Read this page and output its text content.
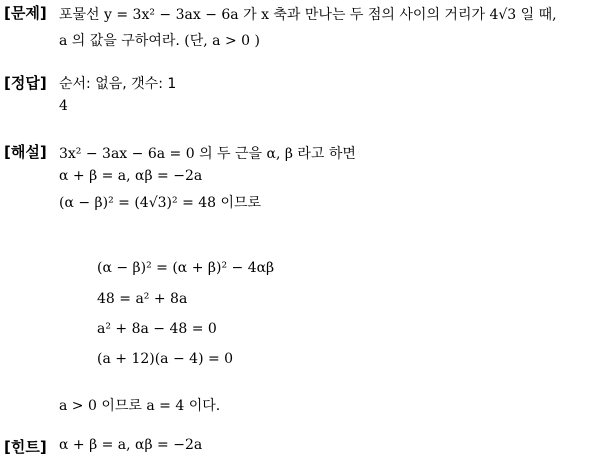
[문제] 포물선 y = 3x² − 3ax − 6a 가 x 축과 만나는 두 점의 사이의 거리가 4√3 일 때,
a 의 값을 구하여라. (단, a > 0 )
[정답] 순서: 없음, 갯수: 1
4
[해설] 3x² − 3ax − 6a = 0 의 두 근을 α, β 라고 하면
α + β = a, αβ = −2a
(α − β)² = (4√3)² = 48 이므로
(α − β)² = (α + β)² − 4αβ
48 = a² + 8a
a² + 8a − 48 = 0
(a + 12)(a − 4) = 0
a > 0 이므로 a = 4 이다.
[힌트] α + β = a, αβ = −2a
